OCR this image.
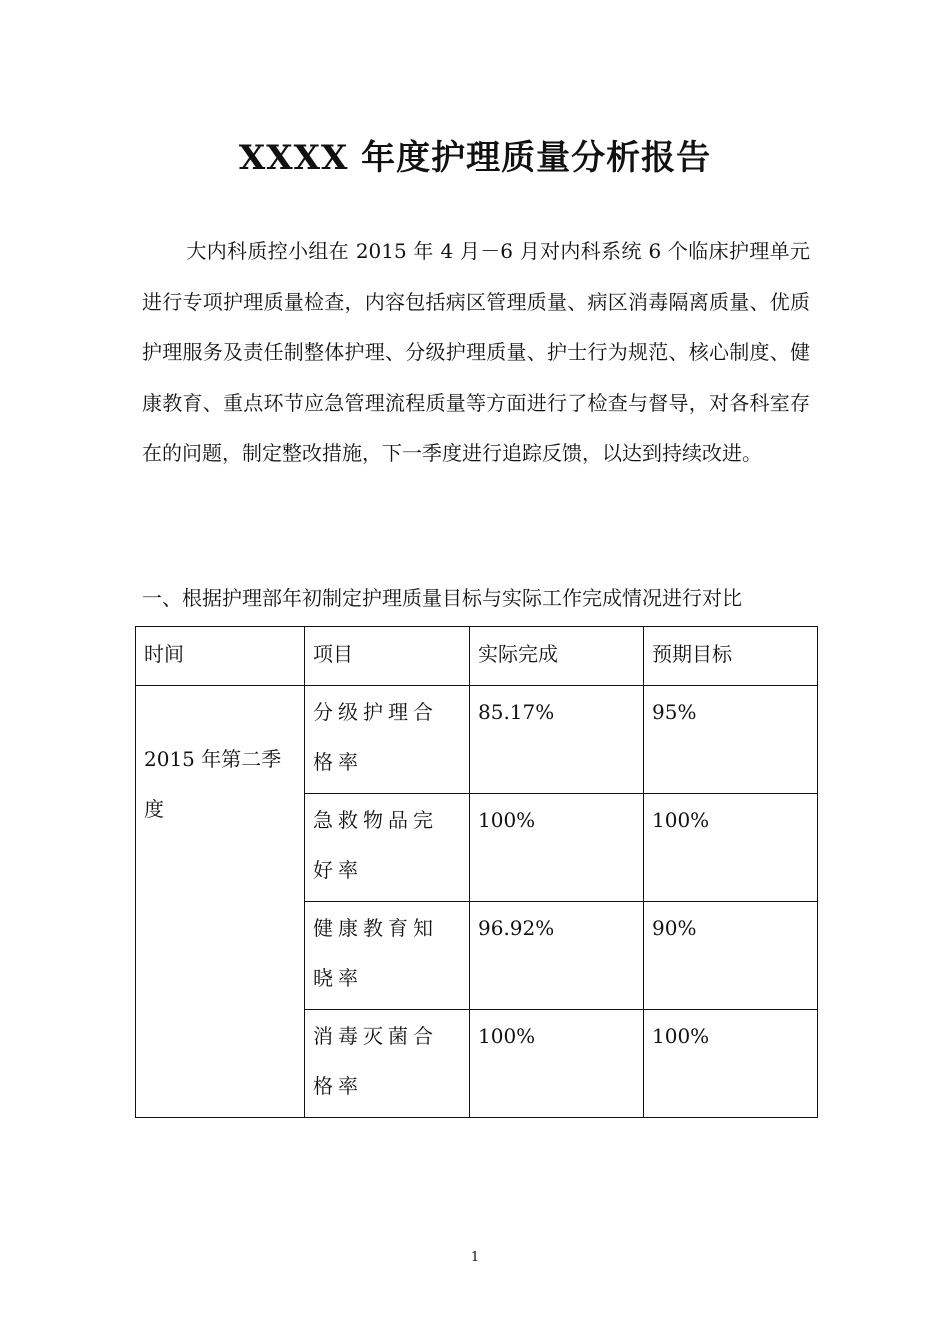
XXXX 年度护理质量分析报告

大内科质控小组在 2015 年 4 月－6 月对内科系统 6 个临床护理单元进行专项护理质量检查，内容包括病区管理质量、病区消毒隔离质量、优质护理服务及责任制整体护理、分级护理质量、护士行为规范、核心制度、健康教育、重点环节应急管理流程质量等方面进行了检查与督导，对各科室存在的问题，制定整改措施，下一季度进行追踪反馈，以达到持续改进。

一、根据护理部年初制定护理质量目标与实际工作完成情况进行对比

时间	项目	实际完成	预期目标
2015 年第二季度	分级护理合格率	85.17%	95%
	急救物品完好率	100%	100%
	健康教育知晓率	96.92%	90%
	消毒灭菌合格率	100%	100%

1
